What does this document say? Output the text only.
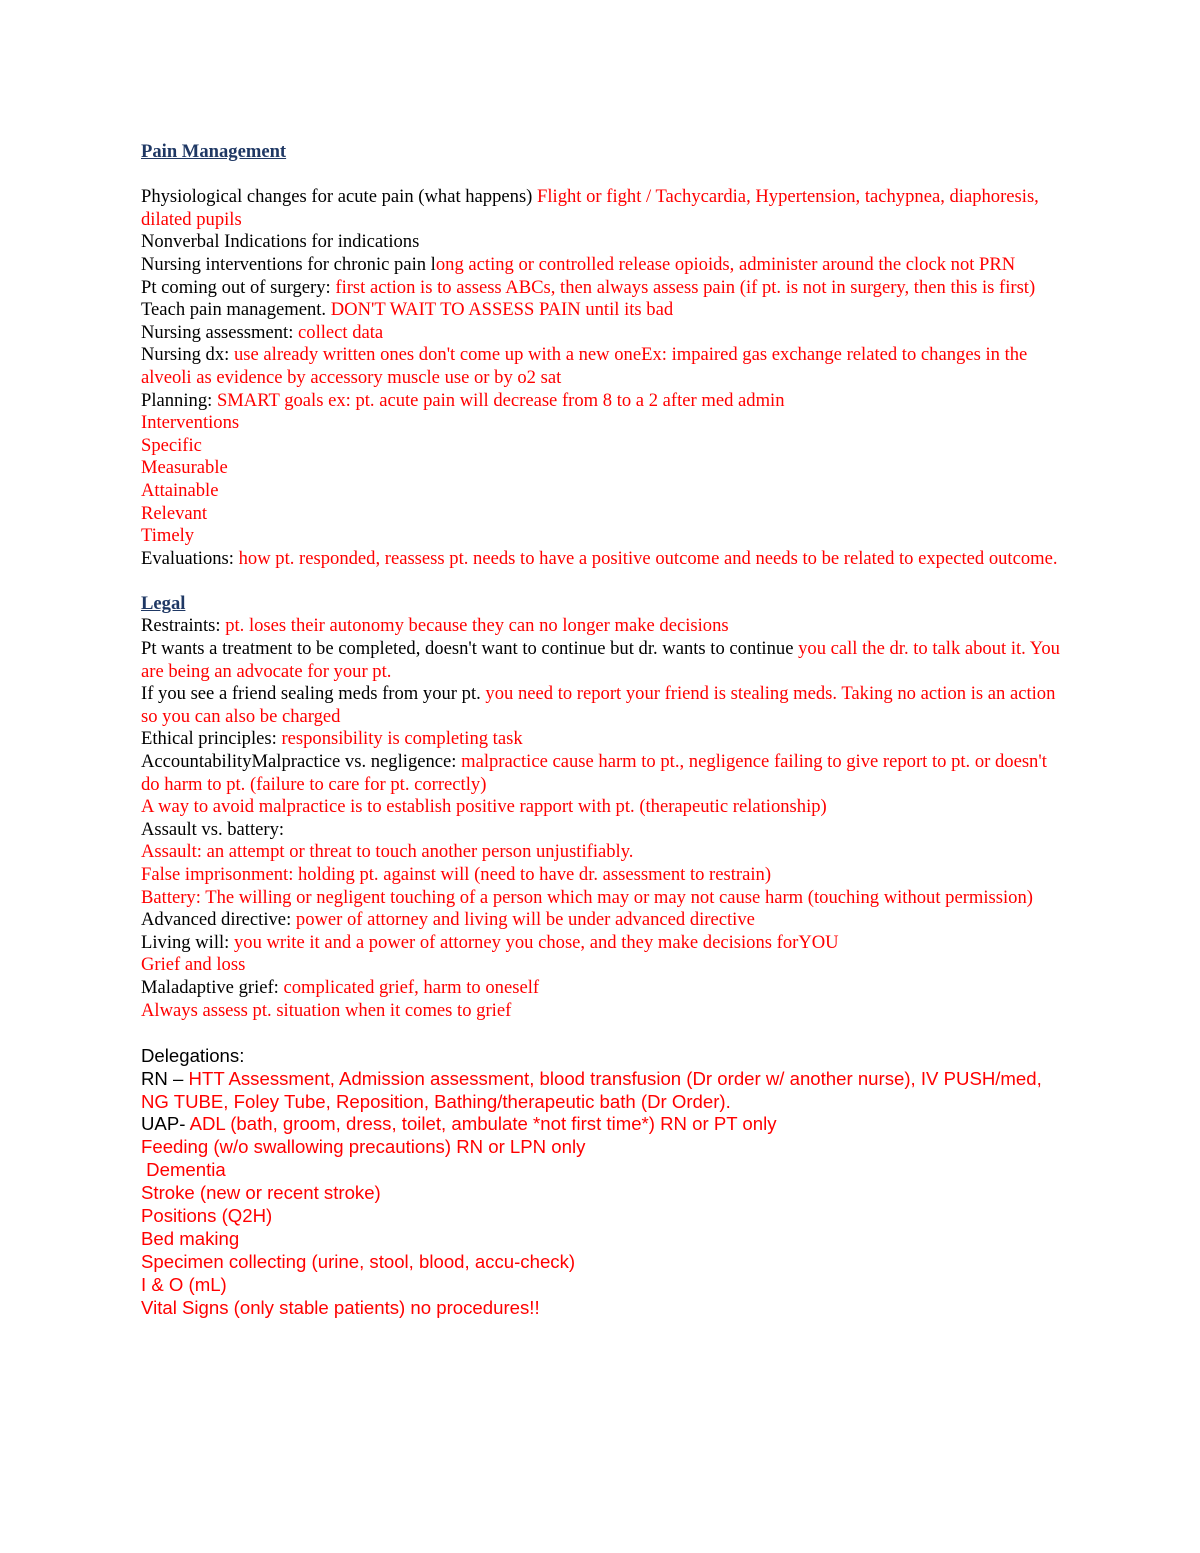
Pain Management
Physiological changes for acute pain (what happens) Flight or fight / Tachycardia, Hypertension, tachypnea, diaphoresis, dilated pupils
Nonverbal Indications for indications
Nursing interventions for chronic pain long acting or controlled release opioids, administer around the clock not PRN
Pt coming out of surgery: first action is to assess ABCs, then always assess pain (if pt. is not in surgery, then this is first)
Teach pain management. DON'T WAIT TO ASSESS PAIN until its bad
Nursing assessment: collect data
Nursing dx: use already written ones don't come up with a new oneEx: impaired gas exchange related to changes in the alveoli as evidence by accessory muscle use or by o2 sat
Planning: SMART goals ex: pt. acute pain will decrease from 8 to a 2 after med admin
Interventions
Specific
Measurable
Attainable
Relevant
Timely
Evaluations: how pt. responded, reassess pt. needs to have a positive outcome and needs to be related to expected outcome.
Legal
Restraints: pt. loses their autonomy because they can no longer make decisions
Pt wants a treatment to be completed, doesn't want to continue but dr. wants to continue you call the dr. to talk about it. You are being an advocate for your pt.
If you see a friend sealing meds from your pt. you need to report your friend is stealing meds. Taking no action is an action so you can also be charged
Ethical principles: responsibility is completing task
AccountabilityMalpractice vs. negligence: malpractice cause harm to pt., negligence failing to give report to pt. or doesn't do harm to pt. (failure to care for pt. correctly)
A way to avoid malpractice is to establish positive rapport with pt. (therapeutic relationship)
Assault vs. battery:
Assault: an attempt or threat to touch another person unjustifiably.
False imprisonment: holding pt. against will (need to have dr. assessment to restrain)
Battery: The willing or negligent touching of a person which may or may not cause harm (touching without permission)
Advanced directive: power of attorney and living will be under advanced directive
Living will: you write it and a power of attorney you chose, and they make decisions forYOU
Grief and loss
Maladaptive grief: complicated grief, harm to oneself
Always assess pt. situation when it comes to grief
Delegations:
RN – HTT Assessment, Admission assessment, blood transfusion (Dr order w/ another nurse), IV PUSH/med, NG TUBE, Foley Tube, Reposition, Bathing/therapeutic bath (Dr Order).
UAP- ADL (bath, groom, dress, toilet, ambulate *not first time*) RN or PT only
Feeding (w/o swallowing precautions) RN or LPN only
Dementia
Stroke (new or recent stroke)
Positions (Q2H)
Bed making
Specimen collecting (urine, stool, blood, accu-check)
I & O (mL)
Vital Signs (only stable patients) no procedures!!
